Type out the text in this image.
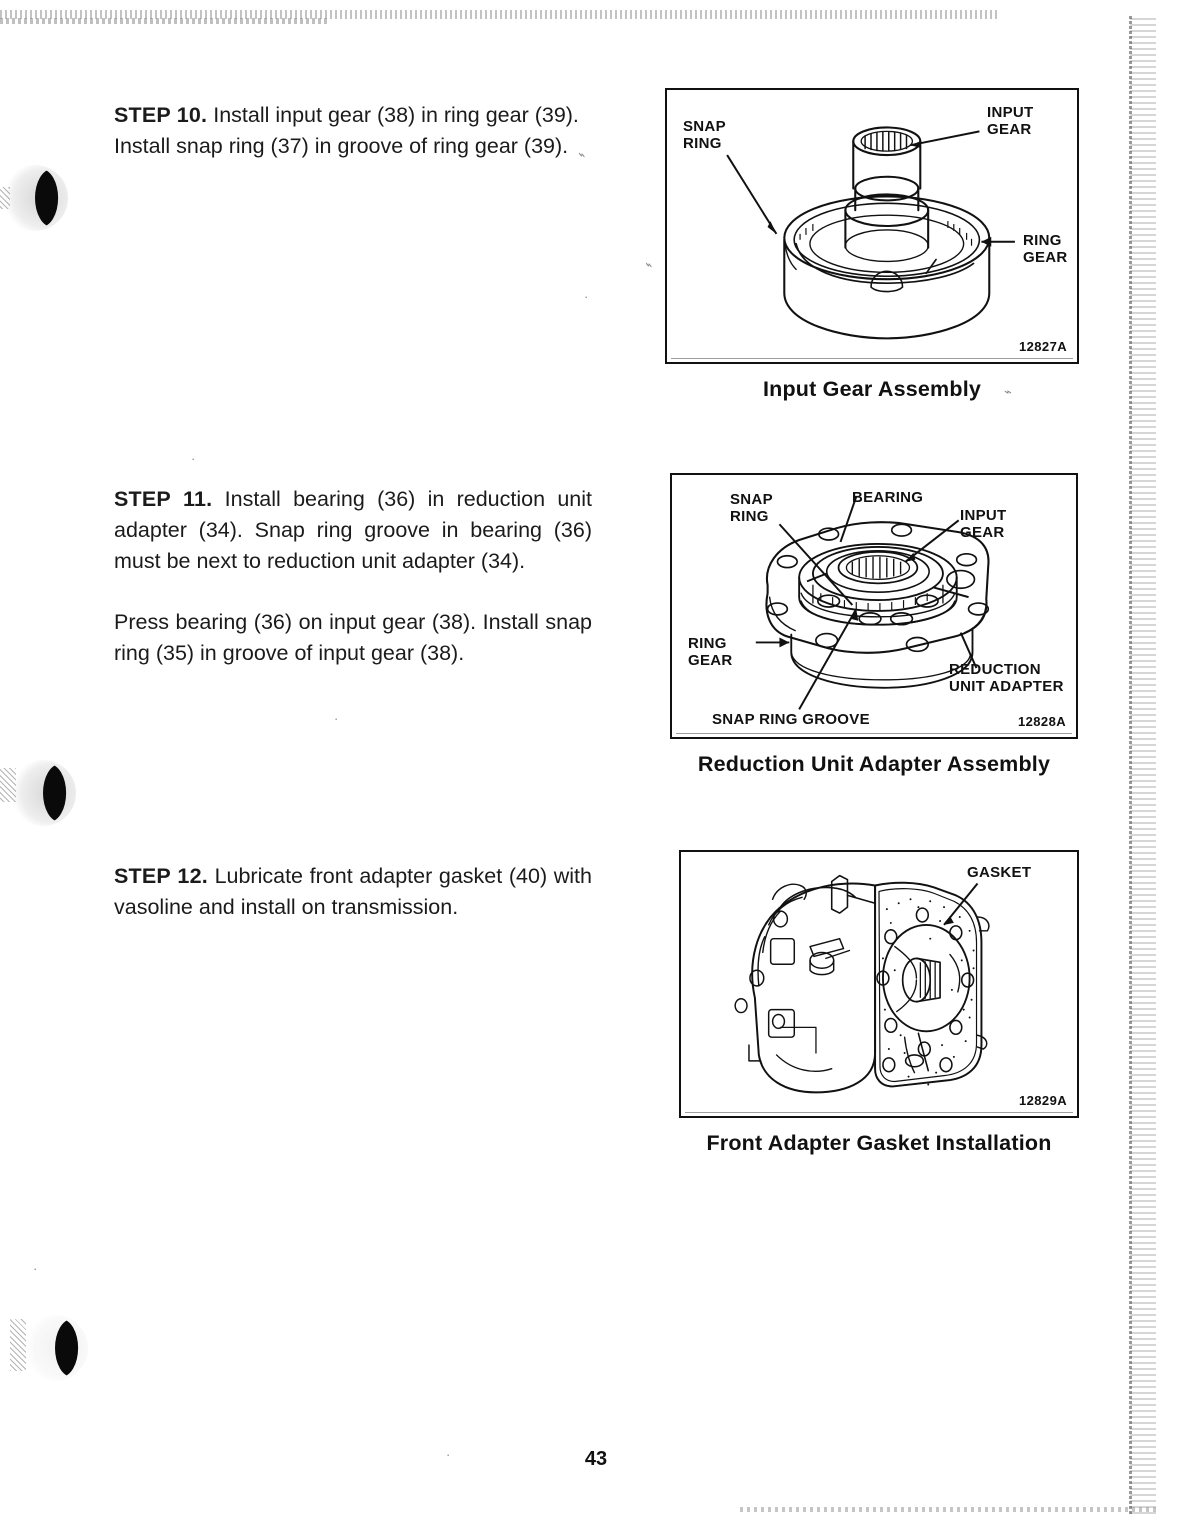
·
·
·
·
⌁
⌁
⌁
·

STEP 10. Install input gear (38) in ring gear (39). Install snap ring (37) in groove of ring gear (39).

12827A
SNAP
RING
INPUT
GEAR
RING
GEAR
Input Gear Assembly

STEP 11. Install bearing (36) in reduction unit adapter (34). Snap ring groove in bearing (36) must be next to reduction unit adapter (34).

Press bearing (36) on input gear (38). Install snap ring (35) in groove of input gear (38).

12828A
SNAP
RING
BEARING
INPUT
GEAR
RING
GEAR
REDUCTION
UNIT ADAPTER
SNAP RING GROOVE
Reduction Unit Adapter Assembly

STEP 12. Lubricate front adapter gasket (40) with vasoline and install on transmission.

12829A
GASKET
Front Adapter Gasket Installation
43
